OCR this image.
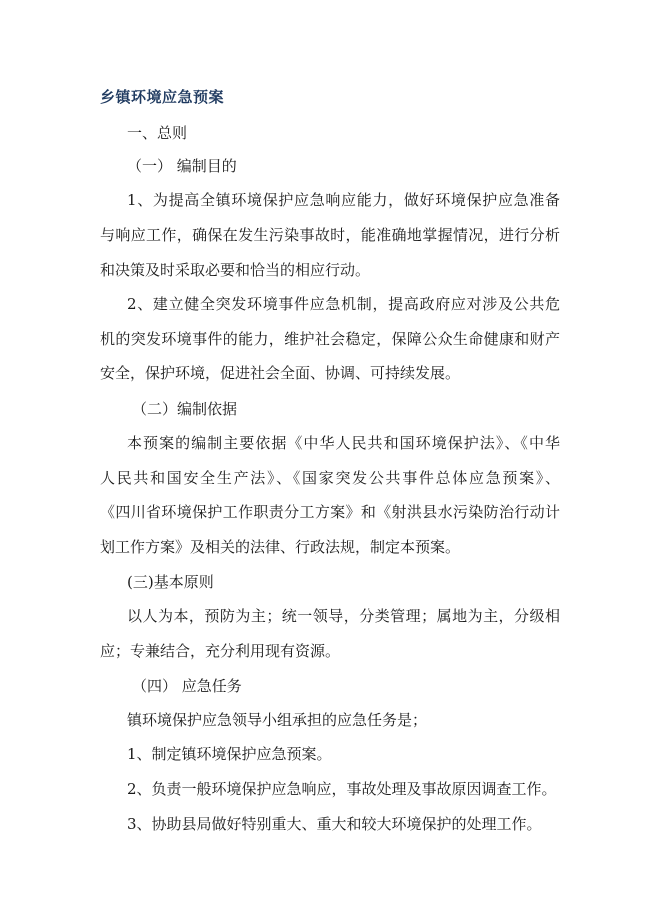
乡镇环境应急预案

一、总则

（一） 编制目的

1、为提高全镇环境保护应急响应能力，做好环境保护应急准备

与响应工作，确保在发生污染事故时，能准确地掌握情况，进行分析

和决策及时采取必要和恰当的相应行动。

2、建立健全突发环境事件应急机制，提高政府应对涉及公共危

机的突发环境事件的能力，维护社会稳定，保障公众生命健康和财产

安全，保护环境，促进社会全面、协调、可持续发展。

（二）编制依据

本预案的编制主要依据《中华人民共和国环境保护法》、《中华

人民共和国安全生产法》、《国家突发公共事件总体应急预案》、

《四川省环境保护工作职责分工方案》和《射洪县水污染防治行动计

划工作方案》及相关的法律、行政法规，制定本预案。

(三)基本原则

以人为本，预防为主；统一领导，分类管理；属地为主，分级相

应；专兼结合，充分利用现有资源。

（四） 应急任务

镇环境保护应急领导小组承担的应急任务是；

1、制定镇环境保护应急预案。

2、负责一般环境保护应急响应，事故处理及事故原因调查工作。

3、协助县局做好特别重大、重大和较大环境保护的处理工作。
